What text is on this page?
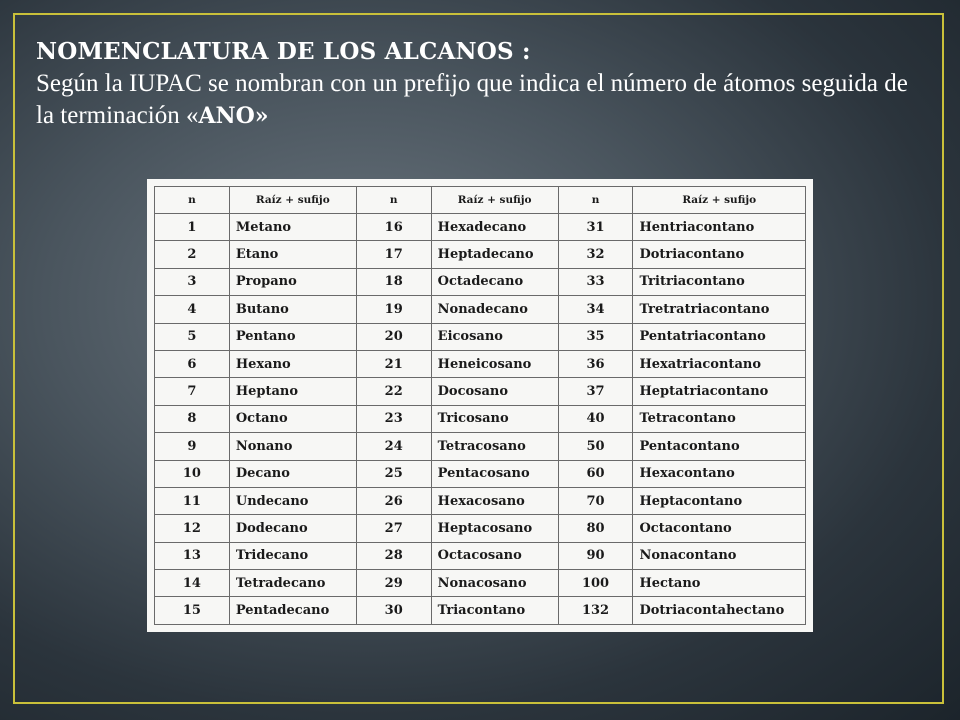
NOMENCLATURA DE LOS ALCANOS :
Según la IUPAC se nombran con un prefijo que indica el número de átomos seguida de la terminación «ANO»
n	Raíz + sufijo	n	Raíz + sufijo	n	Raíz + sufijo
1	Metano	16	Hexadecano	31	Hentriacontano
2	Etano	17	Heptadecano	32	Dotriacontano
3	Propano	18	Octadecano	33	Tritriacontano
4	Butano	19	Nonadecano	34	Tretratriacontano
5	Pentano	20	Eicosano	35	Pentatriacontano
6	Hexano	21	Heneicosano	36	Hexatriacontano
7	Heptano	22	Docosano	37	Heptatriacontano
8	Octano	23	Tricosano	40	Tetracontano
9	Nonano	24	Tetracosano	50	Pentacontano
10	Decano	25	Pentacosano	60	Hexacontano
11	Undecano	26	Hexacosano	70	Heptacontano
12	Dodecano	27	Heptacosano	80	Octacontano
13	Tridecano	28	Octacosano	90	Nonacontano
14	Tetradecano	29	Nonacosano	100	Hectano
15	Pentadecano	30	Triacontano	132	Dotriacontahectano
